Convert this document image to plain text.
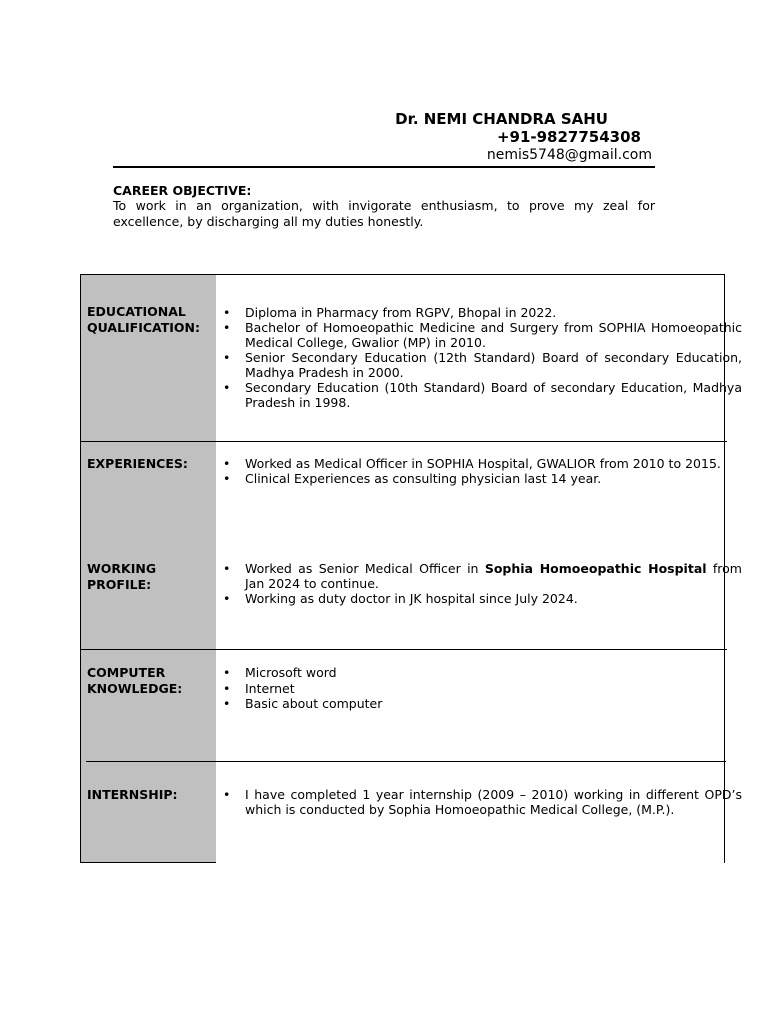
Dr. NEMI CHANDRA SAHU
+91-9827754308
nemis5748@gmail.com
CAREER OBJECTIVE:
To work in an organization, with invigorate enthusiasm, to prove my zeal for excellence, by discharging all my duties honestly.
EDUCATIONAL QUALIFICATION:
• Diploma in Pharmacy from RGPV, Bhopal in 2022.
• Bachelor of Homoeopathic Medicine and Surgery from SOPHIA Homoeopathic Medical College, Gwalior (MP) in 2010.
• Senior Secondary Education (12th Standard) Board of secondary Education, Madhya Pradesh in 2000.
• Secondary Education (10th Standard) Board of secondary Education, Madhya Pradesh in 1998.
EXPERIENCES:	• Worked as Medical Officer in SOPHIA Hospital, GWALIOR from 2010 to 2015.
• Clinical Experiences as consulting physician last 14 year.
WORKING PROFILE:
• Worked as Senior Medical Officer in Sophia Homoeopathic Hospital from Jan 2024 to continue.
• Working as duty doctor in JK hospital since July 2024.
COMPUTER KNOWLEDGE:
• Microsoft word
• Internet
• Basic about computer
INTERNSHIP:	• I have completed 1 year internship (2009 – 2010) working in different OPD’s which is conducted by Sophia Homoeopathic Medical College, (M.P.).
